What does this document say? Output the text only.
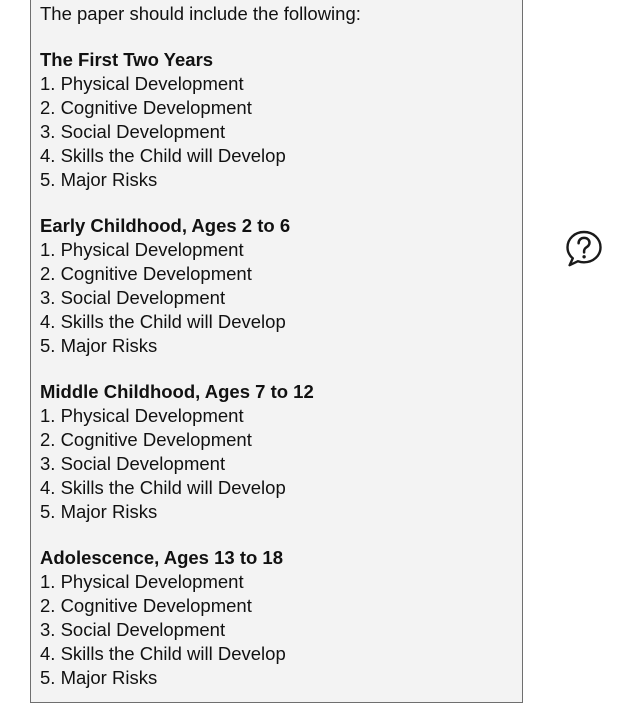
The paper should include the following:
The First Two Years
1. Physical Development
2. Cognitive Development
3. Social Development
4. Skills the Child will Develop
5. Major Risks
Early Childhood, Ages 2 to 6
1. Physical Development
2. Cognitive Development
3. Social Development
4. Skills the Child will Develop
5. Major Risks
Middle Childhood, Ages 7 to 12
1. Physical Development
2. Cognitive Development
3. Social Development
4. Skills the Child will Develop
5. Major Risks
Adolescence, Ages 13 to 18
1. Physical Development
2. Cognitive Development
3. Social Development
4. Skills the Child will Develop
5. Major Risks
